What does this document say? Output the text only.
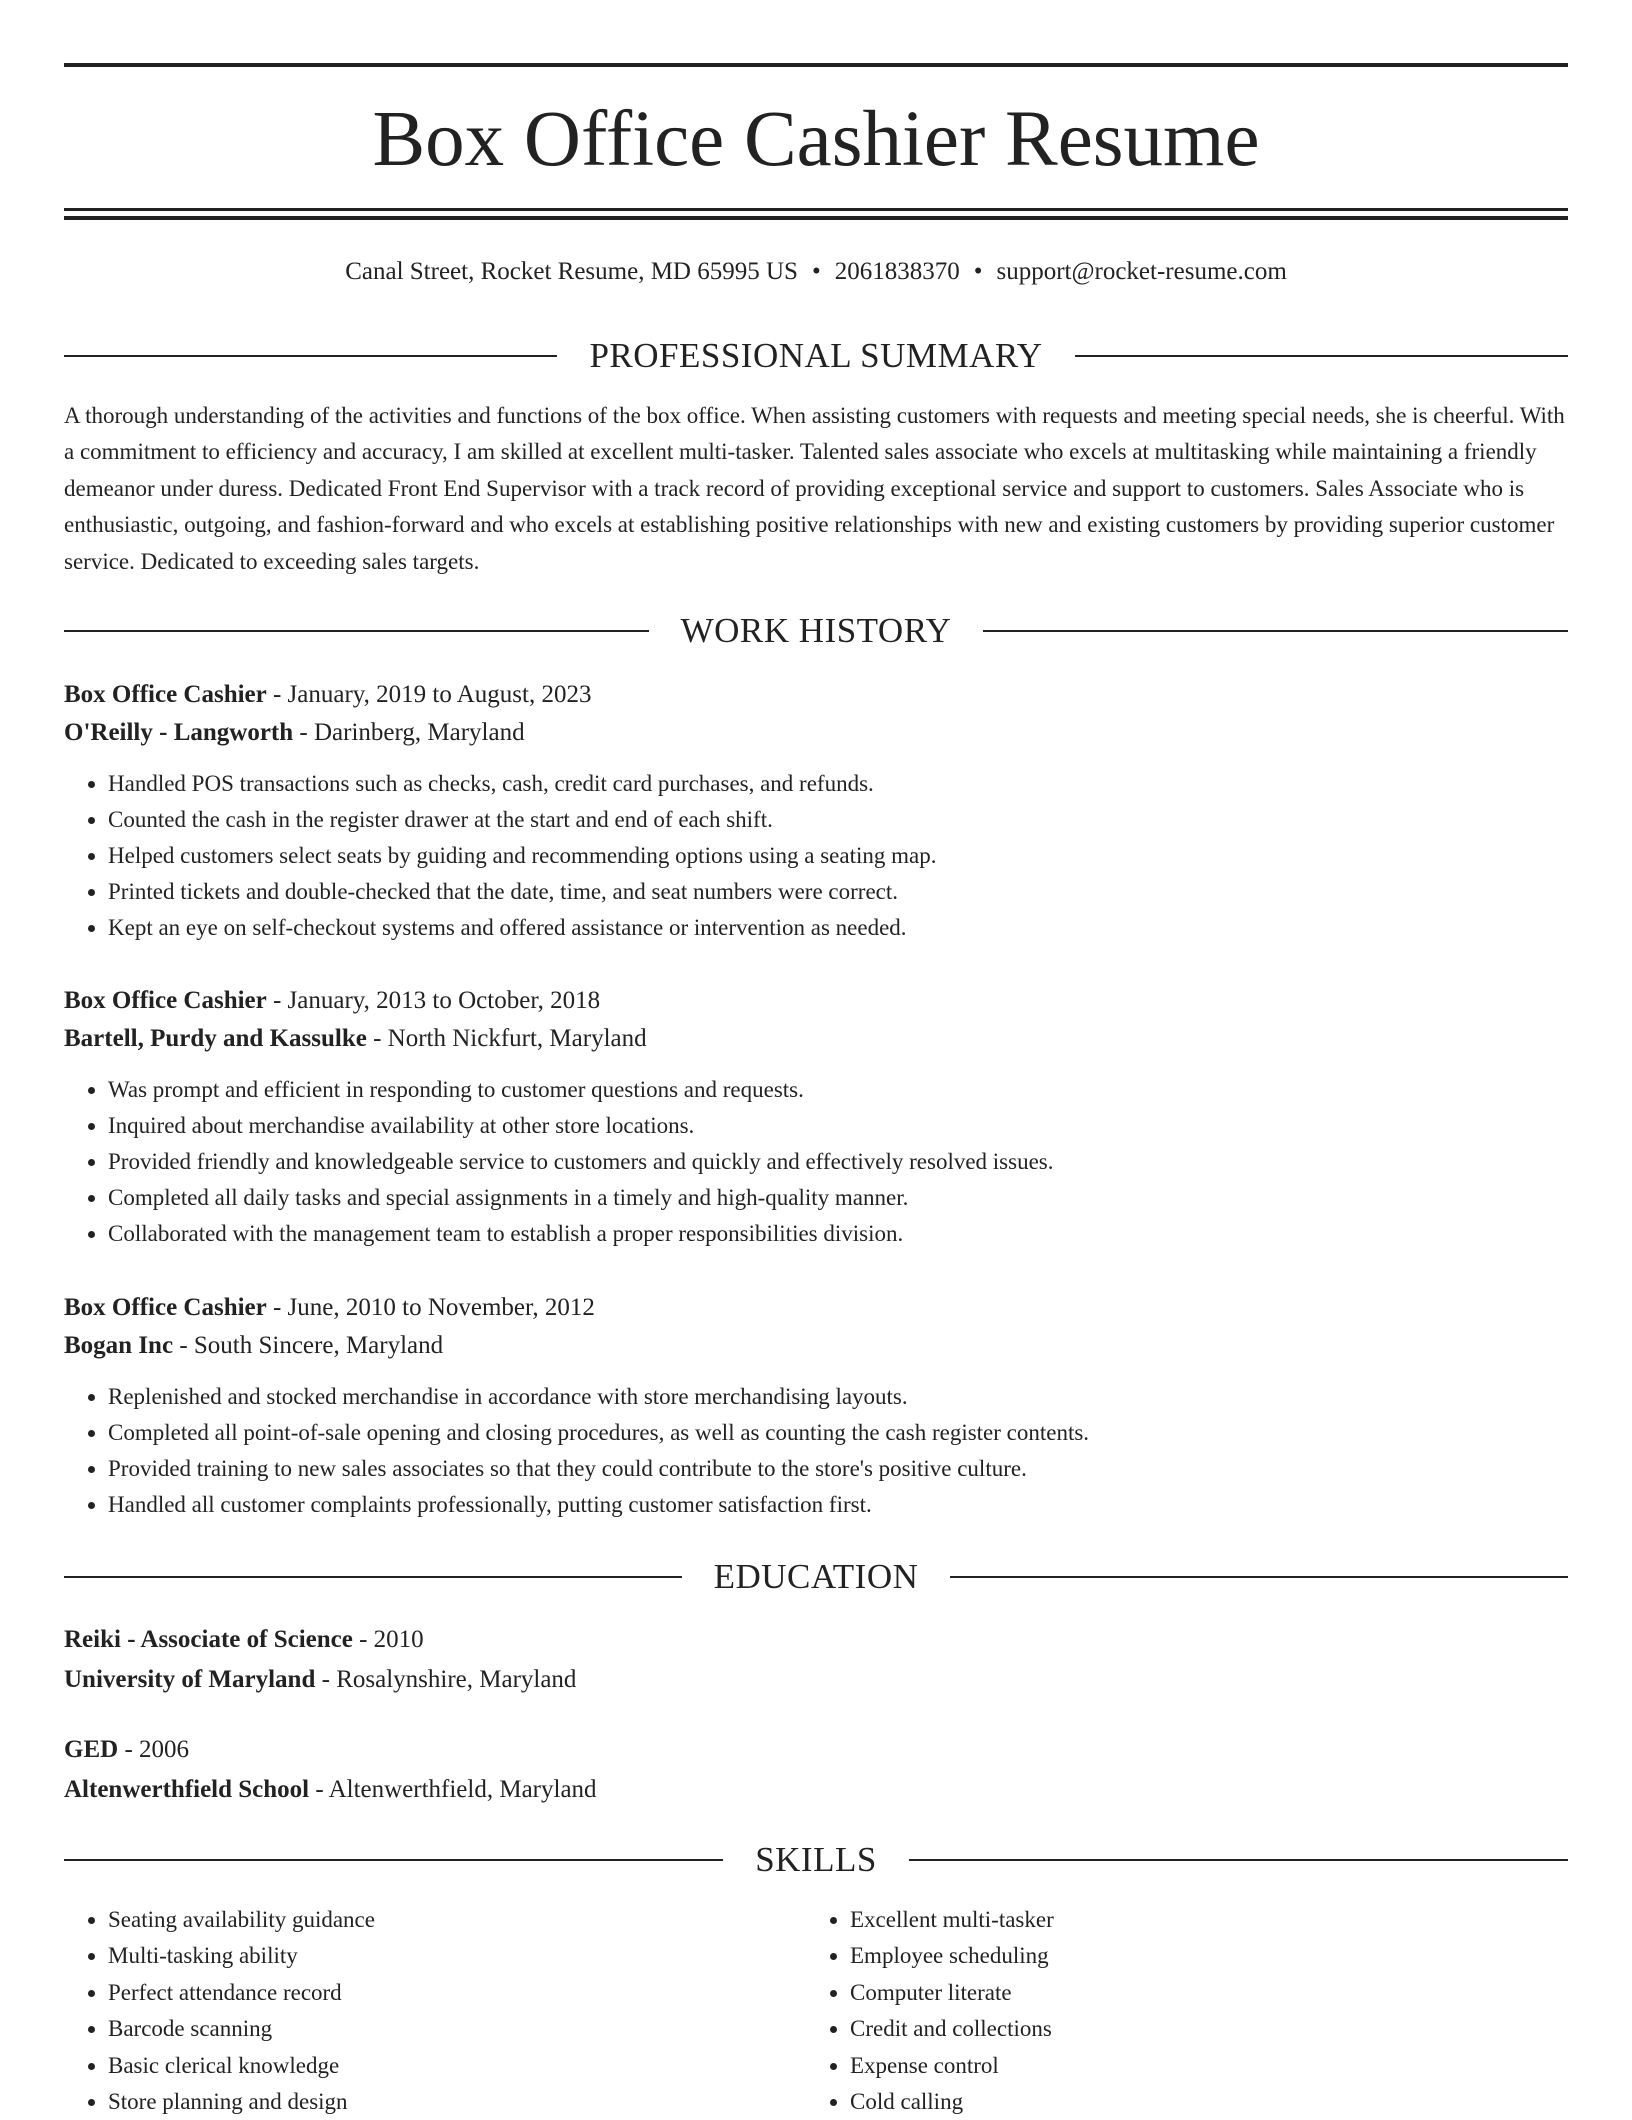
Box Office Cashier Resume
Canal Street, Rocket Resume, MD 65995 US • 2061838370 • support@rocket-resume.com
PROFESSIONAL SUMMARY

A thorough understanding of the activities and functions of the box office. When assisting customers with requests and meeting special needs, she is cheerful. With a commitment to efficiency and accuracy, I am skilled at excellent multi-tasker. Talented sales associate who excels at multitasking while maintaining a friendly demeanor under duress. Dedicated Front End Supervisor with a track record of providing exceptional service and support to customers. Sales Associate who is enthusiastic, outgoing, and fashion-forward and who excels at establishing positive relationships with new and existing customers by providing superior customer service. Dedicated to exceeding sales targets.

WORK HISTORY
Box Office Cashier - January, 2019 to August, 2023
O'Reilly - Langworth - Darinberg, Maryland
• Handled POS transactions such as checks, cash, credit card purchases, and refunds.
• Counted the cash in the register drawer at the start and end of each shift.
• Helped customers select seats by guiding and recommending options using a seating map.
• Printed tickets and double-checked that the date, time, and seat numbers were correct.
• Kept an eye on self-checkout systems and offered assistance or intervention as needed.
Box Office Cashier - January, 2013 to October, 2018
Bartell, Purdy and Kassulke - North Nickfurt, Maryland
• Was prompt and efficient in responding to customer questions and requests.
• Inquired about merchandise availability at other store locations.
• Provided friendly and knowledgeable service to customers and quickly and effectively resolved issues.
• Completed all daily tasks and special assignments in a timely and high-quality manner.
• Collaborated with the management team to establish a proper responsibilities division.
Box Office Cashier - June, 2010 to November, 2012
Bogan Inc - South Sincere, Maryland
• Replenished and stocked merchandise in accordance with store merchandising layouts.
• Completed all point-of-sale opening and closing procedures, as well as counting the cash register contents.
• Provided training to new sales associates so that they could contribute to the store's positive culture.
• Handled all customer complaints professionally, putting customer satisfaction first.
EDUCATION
Reiki - Associate of Science - 2010
University of Maryland - Rosalynshire, Maryland
GED - 2006
Altenwerthfield School - Altenwerthfield, Maryland
SKILLS
• Seating availability guidance
• Multi-tasking ability
• Perfect attendance record
• Barcode scanning
• Basic clerical knowledge
• Store planning and design
• Excellent multi-tasker
• Employee scheduling
• Computer literate
• Credit and collections
• Expense control
• Cold calling
